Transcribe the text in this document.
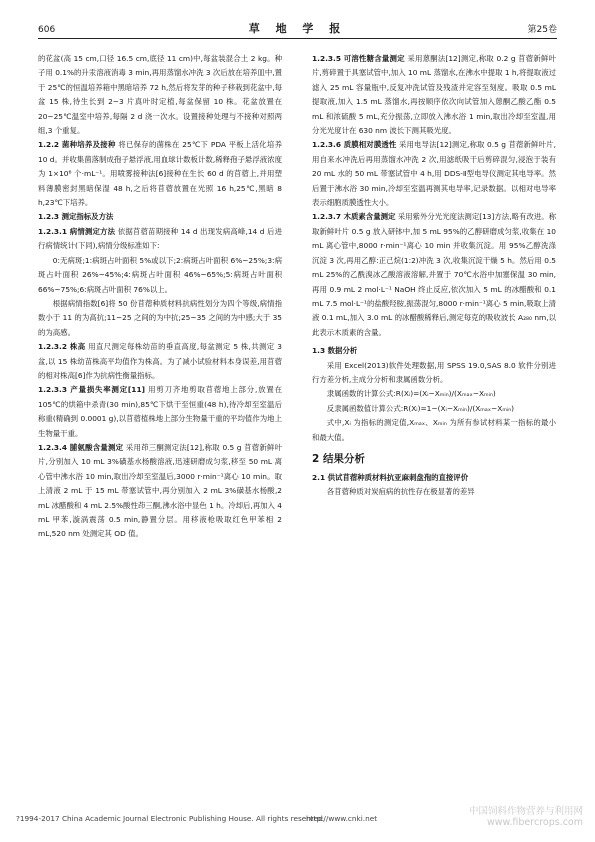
606	草 地 学 报	第25卷

的花盆(高 15 cm,口径 16.5 cm,底径 11 cm)中,每盆装混合土 2 kg。种子用 0.1%的升汞溶液消毒 3 min,再用蒸馏水冲洗 3 次后放在培养皿中,置于 25℃的恒温培养箱中黑暗培养 72 h,然后将发芽的种子移栽到花盆中,每盆 15 株,待生长到 2~3 片真叶时定植,每盆保留 10 株。花盆放置在 20~25℃温室中培养,每隔 2 d 浇一次水。设置接种处理与不接种对照两组,3 个重复。

1.2.2 菌种培养及接种 将已保存的菌株在 25℃下 PDA 平板上活化培养 10 d。并收集菌落制成孢子悬浮液,用血球计数板计数,稀释孢子悬浮液浓度为 1×10⁶ 个·mL⁻¹。用喷雾接种法[6]接种在生长 60 d 的苜蓿上,并用塑料薄膜密封黑暗保湿 48 h,之后将苜蓿放置在光照 16 h,25℃,黑暗 8 h,23℃下培养。

1.2.3 测定指标及方法

1.2.3.1 病情测定方法 依据苜蓿苗期接种 14 d 出现发病高峰,14 d 后进行病情统计(下同),病情分级标准如下:

0:无病斑;1:病斑占叶面积 5%或以下;2:病斑占叶面积 6%~25%;3:病斑占叶面积 26%~45%;4:病斑占叶面积 46%~65%;5:病斑占叶面积 66%~75%;6:病斑占叶面积 76%以上。

根据病情指数[6]将 50 份苜蓿种质材料抗病性划分为四个等级,病情指数小于 11 的为高抗;11~25 之间的为中抗;25~35 之间的为中感;大于 35 的为高感。

1.2.3.2 株高 用直尺测定每株幼苗的垂直高度,每盆测定 5 株,共测定 3 盆,以 15 株幼苗株高平均值作为株高。为了减小试验材料本身误差,用苜蓿的相对株高[6]作为抗病性衡量指标。

1.2.3.3 产量损失率测定[11] 用剪刀齐地剪取苜蓿地上部分,放置在 105℃的烘箱中杀青(30 min),85℃下烘干至恒重(48 h),待冷却至室温后称重(精确到 0.0001 g),以苜蓿植株地上部分生物量干重的平均值作为地上生物量干重。

1.2.3.4 脯氨酸含量测定 采用茚三酮测定法[12],称取 0.5 g 苜蓿新鲜叶片,分别加入 10 mL 3%磺基水杨酸溶液,迅速研磨成匀浆,移至 50 mL 离心管中沸水浴 10 min,取出冷却至室温后,3000 r·min⁻¹离心 10 min。取上清液 2 mL 于 15 mL 带塞试管中,再分别加入 2 mL 3%磺基水杨酸,2 mL 冰醋酸和 4 mL 2.5%酸性茚三酮,沸水浴中显色 1 h。冷却后,再加入 4 mL 甲苯,漩涡震荡 0.5 min,静置分层。用移液枪吸取红色甲苯相 2 mL,520 nm 处测定其 OD 值。

1.2.3.5 可溶性糖含量测定 采用蒽酮法[12]测定,称取 0.2 g 苜蓿新鲜叶片,剪碎置于具塞试管中,加入 10 mL 蒸馏水,在沸水中提取 1 h,将提取液过滤入 25 mL 容量瓶中,反复冲洗试管及残渣并定容至刻度。吸取 0.5 mL 提取液,加入 1.5 mL 蒸馏水,再按顺序依次向试管加入蒽酮乙酸乙酯 0.5 mL 和浓硫酸 5 mL,充分振荡,立即放入沸水浴 1 min,取出冷却至室温,用分光光度计在 630 nm 波长下测其吸光度。

1.2.3.6 质膜相对膜透性 采用电导法[12]测定,称取 0.5 g 苜蓿新鲜叶片,用自来水冲洗后再用蒸馏水冲洗 2 次,用滤纸吸干后剪碎混匀,浸泡于装有 20 mL 水的 50 mL 带塞试管中 4 h,用 DDS-Ⅱ型电导仪测定其电导率。然后置于沸水浴 30 min,冷却至室温再测其电导率,记录数据。以相对电导率表示细胞质膜透性大小。

1.2.3.7 木质素含量测定 采用紫外分光光度法测定[13]方法,略有改进。称取新鲜叶片 0.5 g 放入研钵中,加 5 mL 95%的乙醇研磨成匀浆,收集在 10 mL 离心管中,8000 r·min⁻¹离心 10 min 并收集沉淀。用 95%乙醇洗涤沉淀 3 次,再用乙醇:正己烷(1:2)冲洗 3 次,收集沉淀干燥 5 h。然后用 0.5 mL 25%的乙酰溴冰乙酸溶液溶解,并置于 70℃水浴中加塞保温 30 min,再用 0.9 mL 2 mol·L⁻¹ NaOH 终止反应,依次加入 5 mL 的冰醋酸和 0.1 mL 7.5 mol·L⁻¹的盐酸羟胺,振荡混匀,8000 r·min⁻¹离心 5 min,吸取上清液 0.1 mL,加入 3.0 mL 的冰醋酸稀释后,测定每克的吸收波长 A₂₈₀ nm,以此表示木质素的含量。

1.3 数据分析

采用 Excel(2013)软件处理数据,用 SPSS 19.0,SAS 8.0 软件分别进行方差分析,主成分分析和隶属函数分析。

隶属函数的计算公式:R(Xᵢ)=(Xᵢ−Xₘᵢₙ)/(Xₘₐₓ−Xₘᵢₙ)

反隶属函数值计算公式:R(Xᵢ)=1−(Xᵢ−Xₘᵢₙ)/(Xₘₐₓ−Xₘᵢₙ)

式中,Xᵢ 为指标的测定值,Xₘₐₓ、Xₘᵢₙ 为所有参试材料某一指标的最小和最大值。

2 结果分析
2.1 供试苜蓿种质材料抗亚麻刺盘孢的直接评价

各苜蓿种质对炭疽病的抗性存在极显著的差异

?1994-2017 China Academic Journal Electronic Publishing House. All rights reserved.
http://www.cnki.net
中国饲料作物营养与利用网
www.fibercrops.com
